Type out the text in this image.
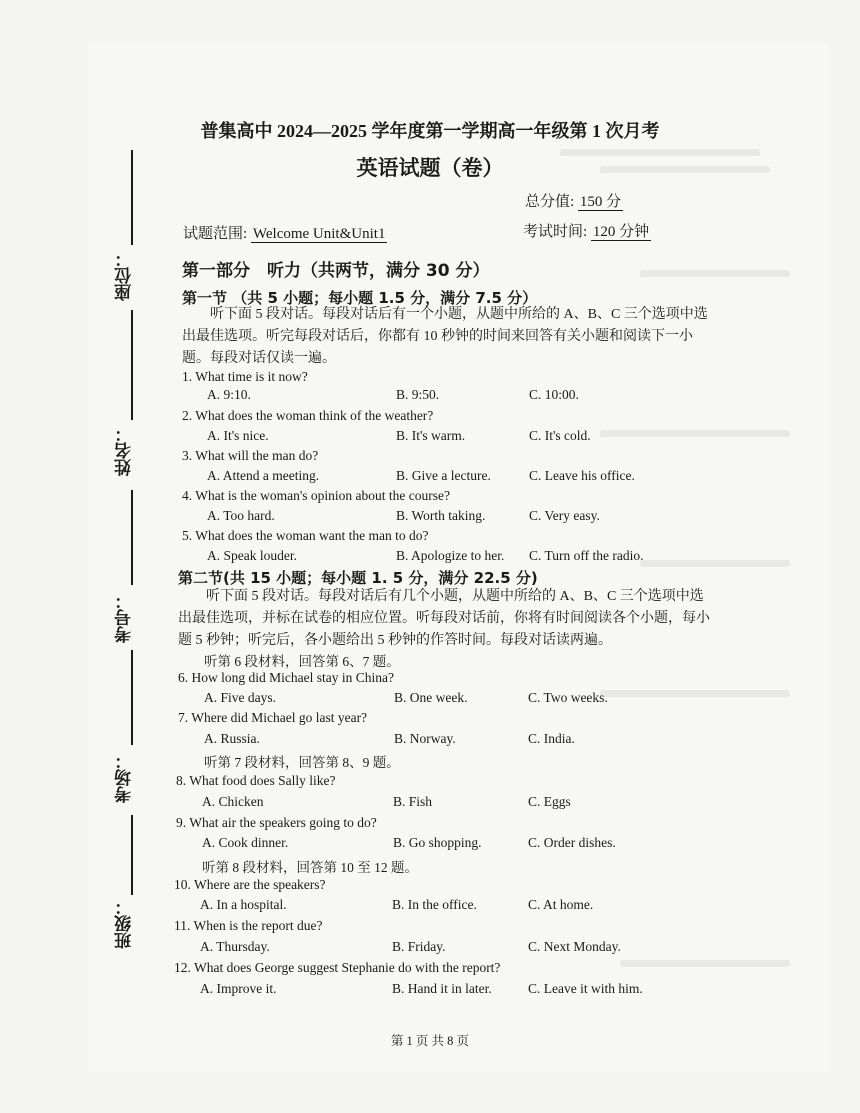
座位：
姓名：
考号：
考场：
班级：
普集高中 2024—2025 学年度第一学期高一年级第 1 次月考
英语试题（卷）
总分值: 150 分
试题范围: Welcome Unit&Unit1	考试时间: 120 分钟
第一部分　听力（共两节，满分 30 分）
第一节 （共 5 小题；每小题 1.5 分，满分 7.5 分）
听下面 5 段对话。每段对话后有一个小题，从题中所给的 A、B、C 三个选项中选出最佳选项。听完每段对话后，你都有 10 秒钟的时间来回答有关小题和阅读下一小题。每段对话仅读一遍。
1. What time is it now?
A. 9:10.	B. 9:50.	C. 10:00.
2. What does the woman think of the weather?
A. It's nice.	B. It's warm.	C. It's cold.
3. What will the man do?
A. Attend a meeting.	B. Give a lecture.	C. Leave his office.
4. What is the woman's opinion about the course?
A. Too hard.	B. Worth taking.	C. Very easy.
5. What does the woman want the man to do?
A. Speak louder.	B. Apologize to her. C. Turn off the radio.
第二节(共 15 小题；每小题 1. 5 分，满分 22.5 分)
听下面 5 段对话。每段对话后有几个小题，从题中所给的 A、B、C 三个选项中选出最佳选项，并标在试卷的相应位置。听每段对话前，你将有时间阅读各个小题，每小题 5 秒钟；听完后，各小题给出 5 秒钟的作答时间。每段对话读两遍。
听第 6 段材料，回答第 6、7 题。
6. How long did Michael stay in China?
A. Five days.	B. One week.	C. Two weeks.
7. Where did Michael go last year?
A. Russia.	B. Norway.	C. India.
听第 7 段材料，回答第 8、9 题。
8. What food does Sally like?
A. Chicken	B. Fish	C. Eggs
9. What air the speakers going to do?
A. Cook dinner.	B. Go shopping.	C. Order dishes.
听第 8 段材料，回答第 10 至 12 题。
10. Where are the speakers?
A. In a hospital.	B. In the office.	C. At home.
11. When is the report due?
A. Thursday.	B. Friday.	C. Next Monday.
12. What does George suggest Stephanie do with the report?
A. Improve it.	B. Hand it in later.	C. Leave it with him.
第 1 页 共 8 页
